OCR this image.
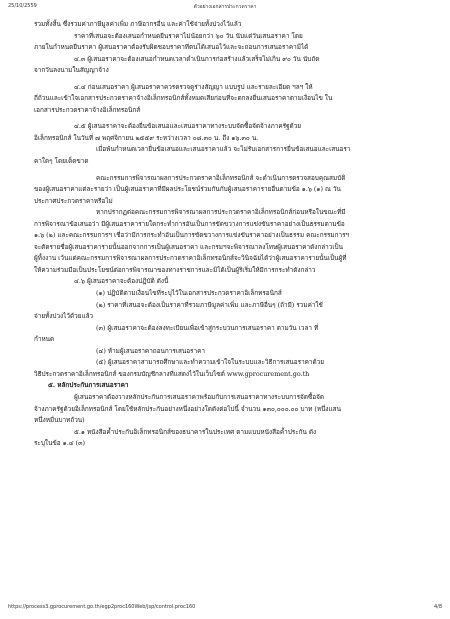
25/10/2559	ตัวอย่างเอกสารประกวดราคา
รวมทั้งสิ้น ซึ่งรวมค่าภาษีมูลค่าเพิ่ม ภาษีอากรอื่น และค่าใช้จ่ายทั้งปวงไว้แล้ว
ราคาที่เสนอจะต้องเสนอกำหนดยืนราคาไม่น้อยกว่า ๖๐ วัน นับแต่วันเสนอราคา โดย
ภายในกำหนดยืนราคา ผู้เสนอราคาต้องรับผิดชอบราคาที่ตนได้เสนอไว้และจะถอนการเสนอราคามิได้
๔.๓ ผู้เสนอราคาจะต้องเสนอกำหนดเวลาดำเนินการก่อสร้างแล้วเสร็จไม่เกิน ๙๐ วัน นับถัด
จากวันลงนามในสัญญาจ้าง
๔.๔ ก่อนเสนอราคา ผู้เสนอราคาควรตรวจดูร่างสัญญา แบบรูป และรายละเอียด ฯลฯ ให้
ถี่ถ้วนและเข้าใจเอกสารประกวดราคาจ้างอิเล็กทรอนิกส์ทั้งหมดเสียก่อนที่จะตกลงยื่นเสนอราคาตามเงื่อนไข ใน
เอกสารประกวดราคาจ้างอิเล็กทรอนิกส์
๔.๕ ผู้เสนอราคาจะต้องยื่นข้อเสนอและเสนอราคาทางระบบจัดซื้อจัดจ้างภาครัฐด้วย
อิเล็กทรอนิกส์ ในวันที่ ๗ พฤศจิกายน ๒๕๕๙ ระหว่างเวลา ๐๘.๓๐ น. ถึง ๑๖.๓๐ น.
เมื่อพ้นกำหนดเวลายื่นข้อเสนอและเสนอราคาแล้ว จะไม่รับเอกสารการยื่นข้อเสนอและเสนอรา
คาใดๆ โดยเด็ดขาด
คณะกรรมการพิจารณาผลการประกวดราคาอิเล็กทรอนิกส์ จะดำเนินการตรวจสอบคุณสมบัติ
ของผู้เสนอราคาแต่ละรายว่า เป็นผู้เสนอราคาที่มีผลประโยชน์ร่วมกันกับผู้เสนอราคารายอื่นตามข้อ ๑.๖ (๑) ณ วัน
ประกาศประกวดราคาหรือไม่
หากปรากฏต่อคณะกรรมการพิจารณาผลการประกวดราคาอิเล็กทรอนิกส์ก่อนหรือในขณะที่มี
การพิจารณาข้อเสนอว่า มีผู้เสนอราคารายใดกระทำการอันเป็นการขัดขวางการแข่งขันราคาอย่างเป็นธรรมตามข้อ
๑.๖ (๒) และคณะกรรมการฯ เชื่อว่ามีการกระทำอันเป็นการขัดขวางการแข่งขันราคาอย่างเป็นธรรม คณะกรรมการฯ
จะตัดรายชื่อผู้เสนอราคารายนั้นออกจากการเป็นผู้เสนอราคา และกรมฯจะพิจารณาลงโทษผู้เสนอราคาดังกล่าวเป็น
ผู้ทิ้งงาน เว้นแต่คณะกรรมการพิจารณาผลการประกวดราคาอิเล็กทรอนิกส์จะวินิจฉัยได้ว่าผู้เสนอราคารายนั้นเป็นผู้ที่
ให้ความร่วมมือเป็นประโยชน์ต่อการพิจารณาของทางราชการและมิได้เป็นผู้ริเริ่มให้มีการกระทำดังกล่าว
๔.๖ ผู้เสนอราคาจะต้องปฏิบัติ ดังนี้
(๑) ปฏิบัติตามเงื่อนไขที่ระบุไว้ในเอกสารประกวดราคาอิเล็กทรอนิกส์
(๒) ราคาที่เสนอจะต้องเป็นราคาที่รวมภาษีมูลค่าเพิ่ม และภาษีอื่นๆ (ถ้ามี) รวมค่าใช้
จ่ายทั้งปวงไว้ด้วยแล้ว
(๓) ผู้เสนอราคาจะต้องลงทะเบียนเพื่อเข้าสู่กระบวนการเสนอราคา ตามวัน เวลา ที่
กำหนด
(๔) ห้ามผู้เสนอราคาถอนการเสนอราคา
(๕) ผู้เสนอราคาสามารถศึกษาและทำความเข้าใจในระบบและวิธีการเสนอราคาด้วย
วิธีประกวดราคาอิเล็กทรอนิกส์ ของกรมบัญชีกลางที่แสดงไว้ในเว็บไซต์ www.gprocurement.go.th
๕. หลักประกันการเสนอราคา
ผู้เสนอราคาต้องวางหลักประกันการเสนอราคาพร้อมกับการเสนอราคาทางระบบการจัดซื้อจัด
จ้างภาครัฐด้วยอิเล็กทรอนิกส์ โดยใช้หลักประกันอย่างหนึ่งอย่างใดดังต่อไปนี้ จำนวน ๑๓๐,๐๐๐.๐๐ บาท (หนึ่งแสน
หนึ่งหมื่นบาทถ้วน)
๕.๑ หนังสือค้ำประกันอิเล็กทรอนิกส์ของธนาคารในประเทศ ตามแบบหนังสือค้ำประกัน ดัง
ระบุในข้อ ๑.๔ (๓)
https://process3.gprocurement.go.th/egp2proc160Web/jsp/control.proc160	4/8
